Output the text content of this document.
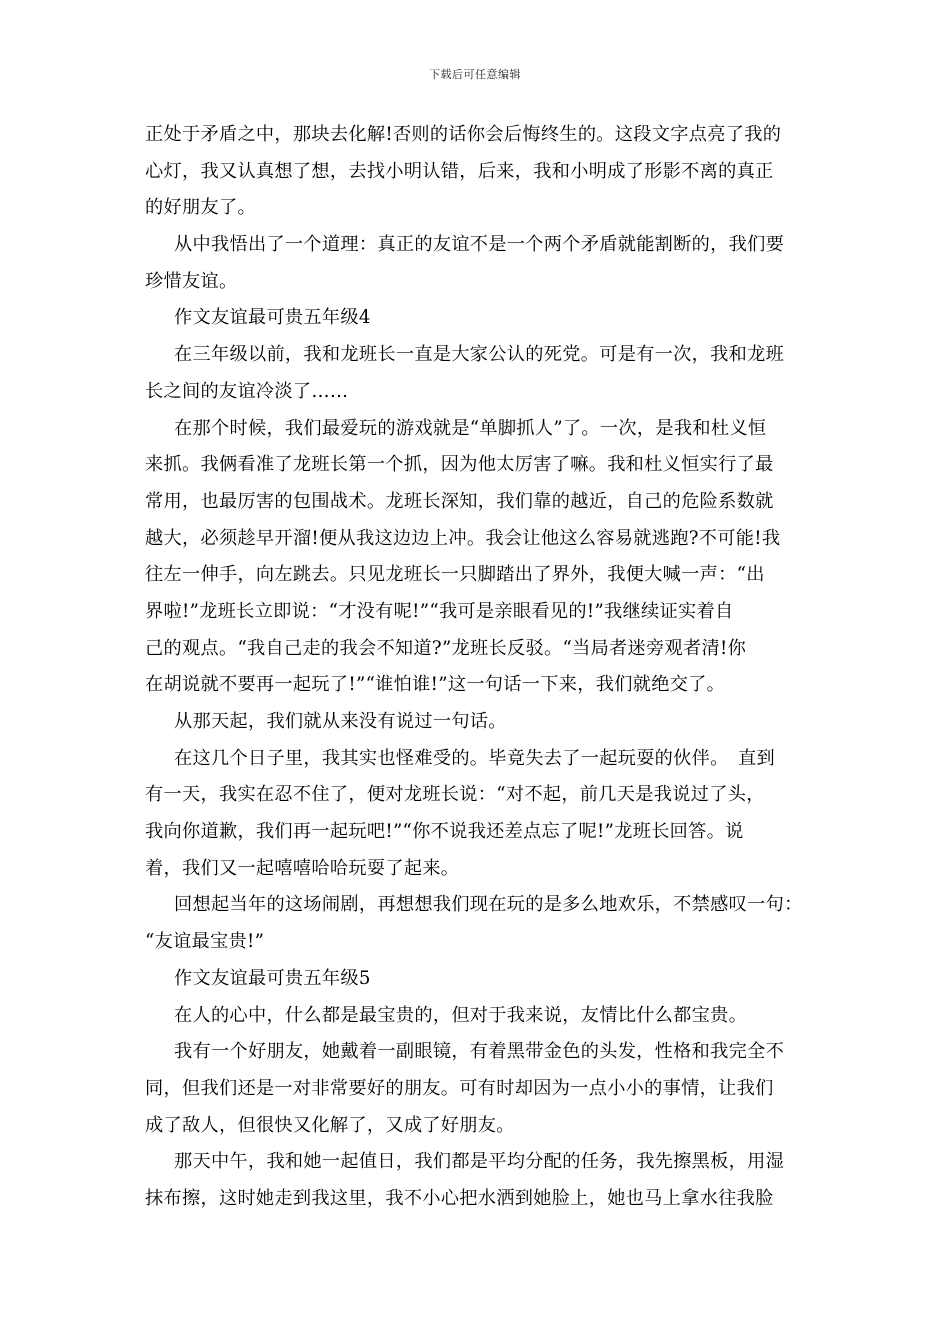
下载后可任意编辑
正处于矛盾之中，那块去化解!否则的话你会后悔终生的。这段文字点亮了我的
心灯，我又认真想了想，去找小明认错，后来，我和小明成了形影不离的真正
的好朋友了。
从中我悟出了一个道理：真正的友谊不是一个两个矛盾就能割断的，我们要
珍惜友谊。
作文友谊最可贵五年级4
在三年级以前，我和龙班长一直是大家公认的死党。可是有一次，我和龙班
长之间的友谊冷淡了……
在那个时候，我们最爱玩的游戏就是“单脚抓人”了。一次，是我和杜义恒
来抓。我俩看准了龙班长第一个抓，因为他太厉害了嘛。我和杜义恒实行了最
常用，也最厉害的包围战术。龙班长深知，我们靠的越近，自己的危险系数就
越大，必须趁早开溜!便从我这边边上冲。我会让他这么容易就逃跑?不可能!我
往左一伸手，向左跳去。只见龙班长一只脚踏出了界外，我便大喊一声：“出
界啦!”龙班长立即说：“才没有呢!”“我可是亲眼看见的!”我继续证实着自
己的观点。“我自己走的我会不知道?”龙班长反驳。“当局者迷旁观者清!你
在胡说就不要再一起玩了!”“谁怕谁!”这一句话一下来，我们就绝交了。
从那天起，我们就从来没有说过一句话。
在这几个日子里，我其实也怪难受的。毕竟失去了一起玩耍的伙伴。　直到
有一天，我实在忍不住了，便对龙班长说：“对不起，前几天是我说过了头，
我向你道歉，我们再一起玩吧!”“你不说我还差点忘了呢!”龙班长回答。说
着，我们又一起嘻嘻哈哈玩耍了起来。
回想起当年的这场闹剧，再想想我们现在玩的是多么地欢乐，不禁感叹一句：
“友谊最宝贵!”
作文友谊最可贵五年级5
在人的心中，什么都是最宝贵的，但对于我来说，友情比什么都宝贵。
我有一个好朋友，她戴着一副眼镜，有着黑带金色的头发，性格和我完全不
同，但我们还是一对非常要好的朋友。可有时却因为一点小小的事情，让我们
成了敌人，但很快又化解了，又成了好朋友。
那天中午，我和她一起值日，我们都是平均分配的任务，我先擦黑板，用湿
抹布擦，这时她走到我这里，我不小心把水洒到她脸上，她也马上拿水往我脸
